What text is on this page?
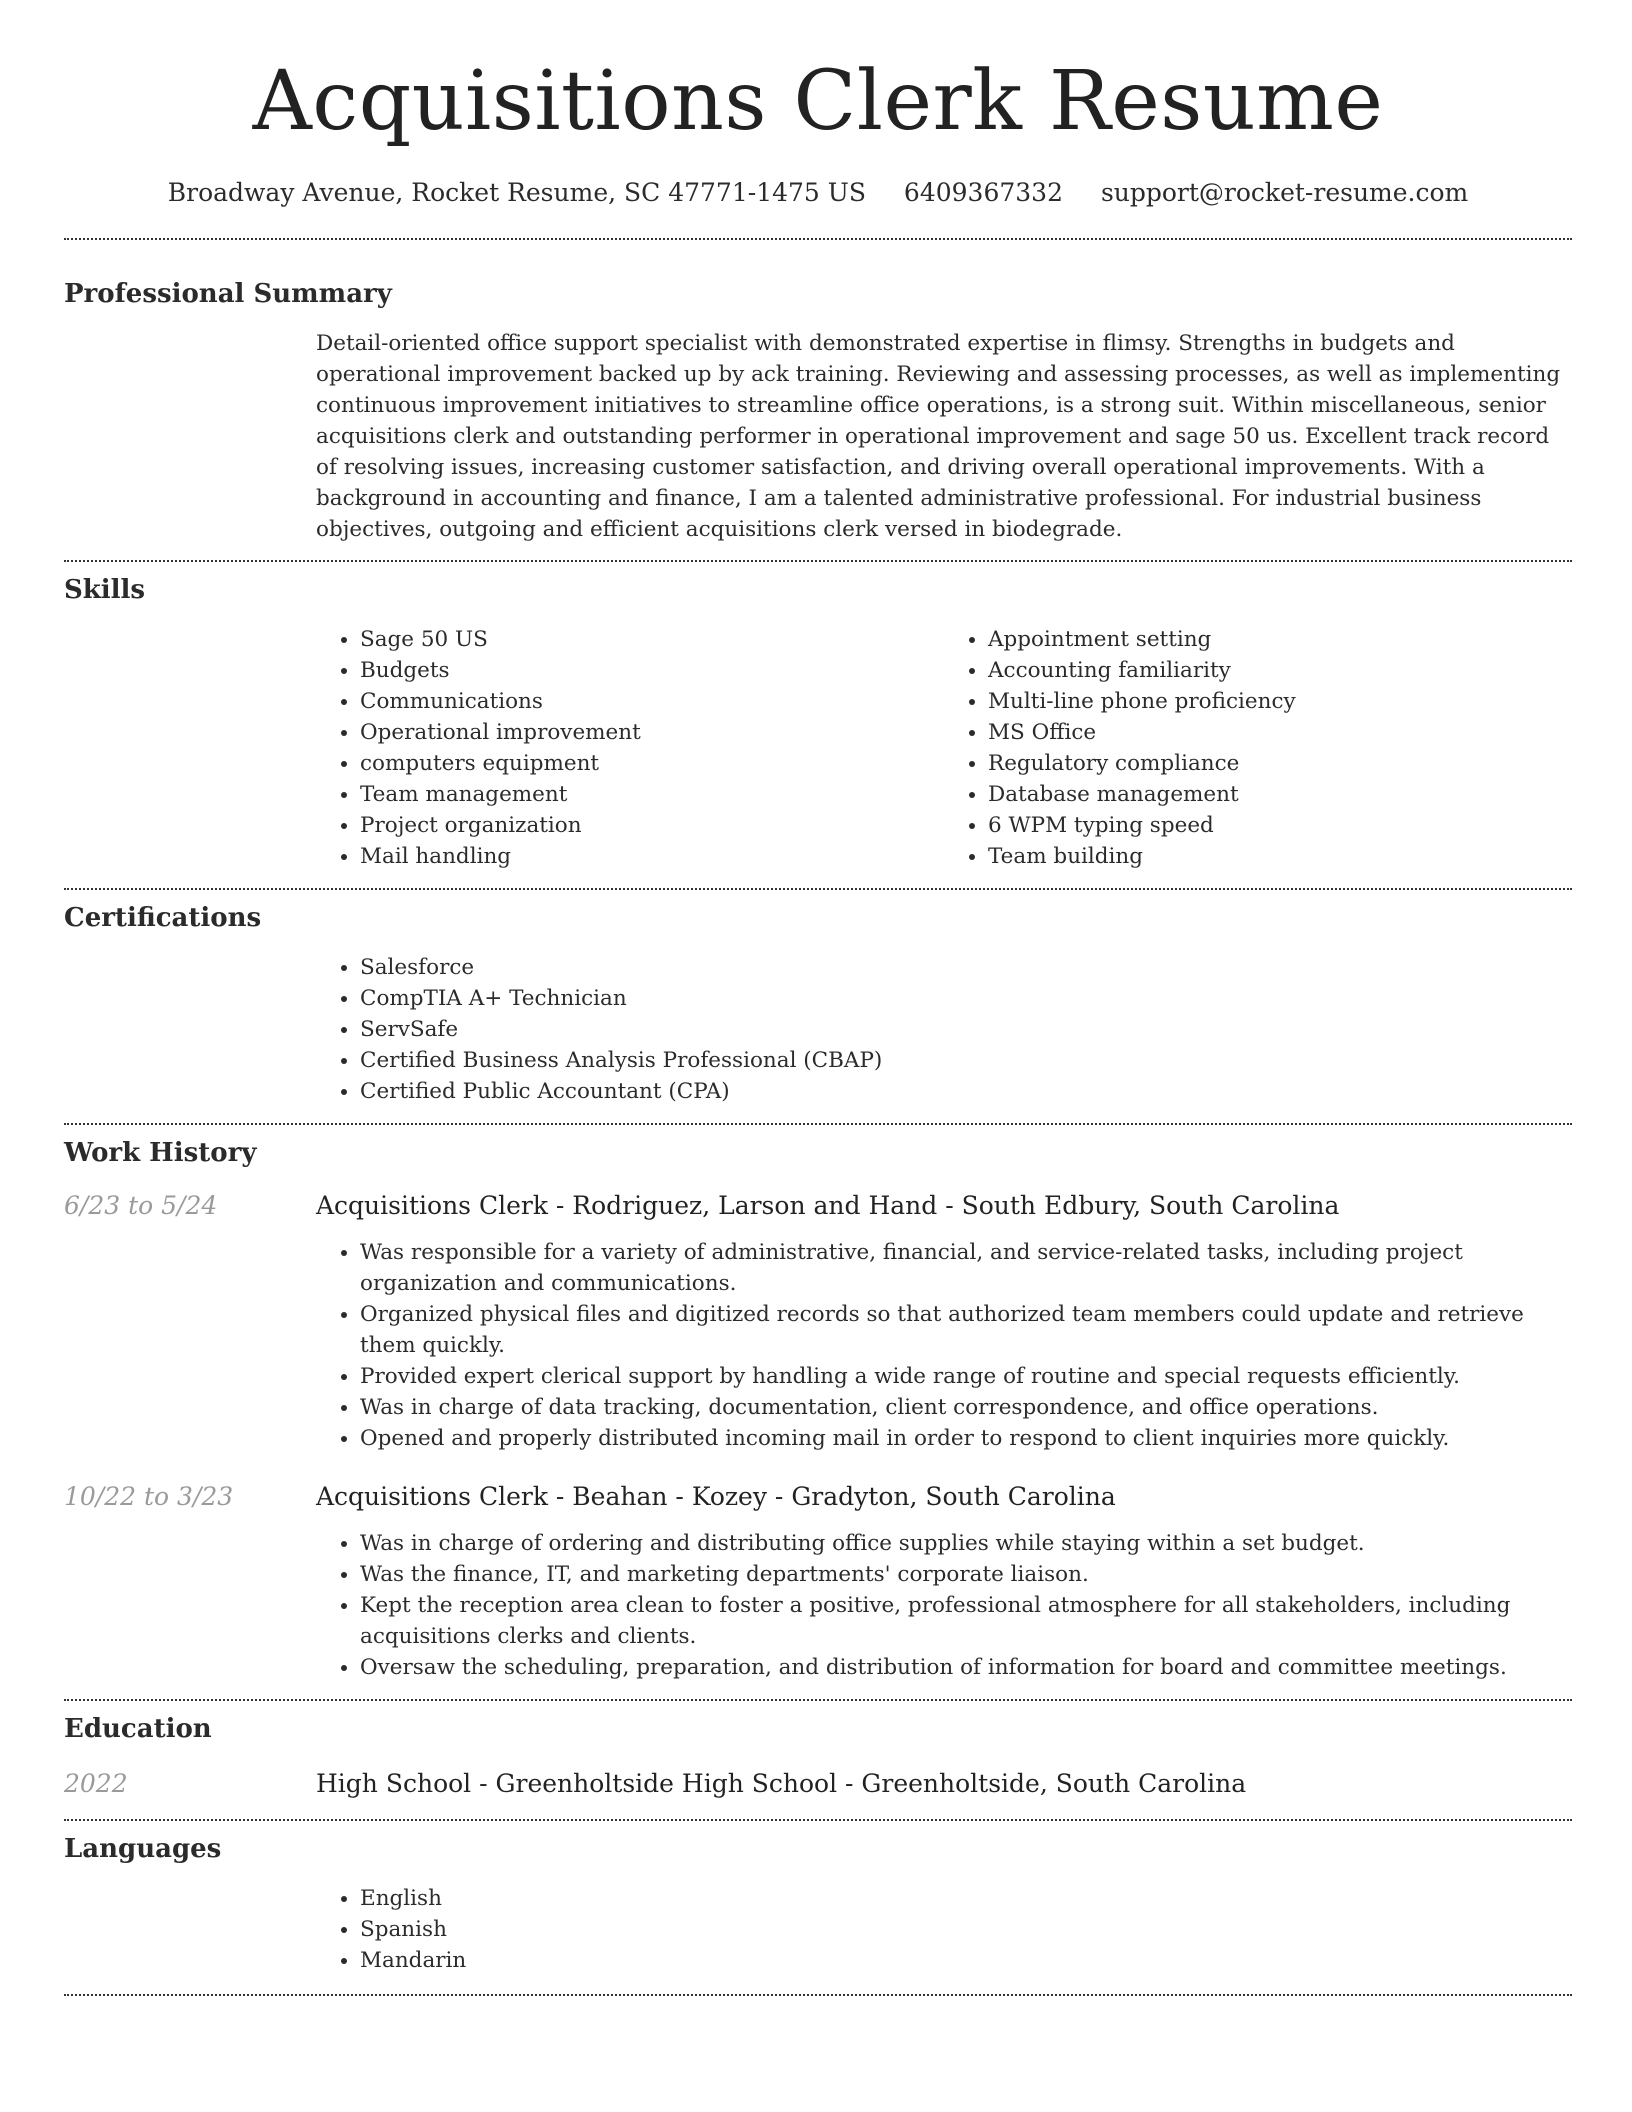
Acquisitions Clerk Resume
Broadway Avenue, Rocket Resume, SC 47771-1475 US 6409367332 support@rocket-resume.com
Professional Summary

Detail-oriented office support specialist with demonstrated expertise in flimsy. Strengths in budgets and operational improvement backed up by ack training. Reviewing and assessing processes, as well as implementing continuous improvement initiatives to streamline office operations, is a strong suit. Within miscellaneous, senior acquisitions clerk and outstanding performer in operational improvement and sage 50 us. Excellent track record of resolving issues, increasing customer satisfaction, and driving overall operational improvements. With a background in accounting and finance, I am a talented administrative professional. For industrial business objectives, outgoing and efficient acquisitions clerk versed in biodegrade.

Skills
• Sage 50 US
• Budgets
• Communications
• Operational improvement
• computers equipment
• Team management
• Project organization
• Mail handling
• Appointment setting
• Accounting familiarity
• Multi-line phone proficiency
• MS Office
• Regulatory compliance
• Database management
• 6 WPM typing speed
• Team building
Certifications
• Salesforce
• CompTIA A+ Technician
• ServSafe
• Certified Business Analysis Professional (CBAP)
• Certified Public Accountant (CPA)
Work History
6/23 to 5/24	Acquisitions Clerk - Rodriguez, Larson and Hand - South Edbury, South Carolina
• Was responsible for a variety of administrative, financial, and service-related tasks, including project organization and communications.
• Organized physical files and digitized records so that authorized team members could update and retrieve them quickly.
• Provided expert clerical support by handling a wide range of routine and special requests efficiently.
• Was in charge of data tracking, documentation, client correspondence, and office operations.
• Opened and properly distributed incoming mail in order to respond to client inquiries more quickly.
10/22 to 3/23	Acquisitions Clerk - Beahan - Kozey - Gradyton, South Carolina
• Was in charge of ordering and distributing office supplies while staying within a set budget.
• Was the finance, IT, and marketing departments' corporate liaison.
• Kept the reception area clean to foster a positive, professional atmosphere for all stakeholders, including acquisitions clerks and clients.
• Oversaw the scheduling, preparation, and distribution of information for board and committee meetings.
Education
2022	High School - Greenholtside High School - Greenholtside, South Carolina
Languages
• English
• Spanish
• Mandarin
